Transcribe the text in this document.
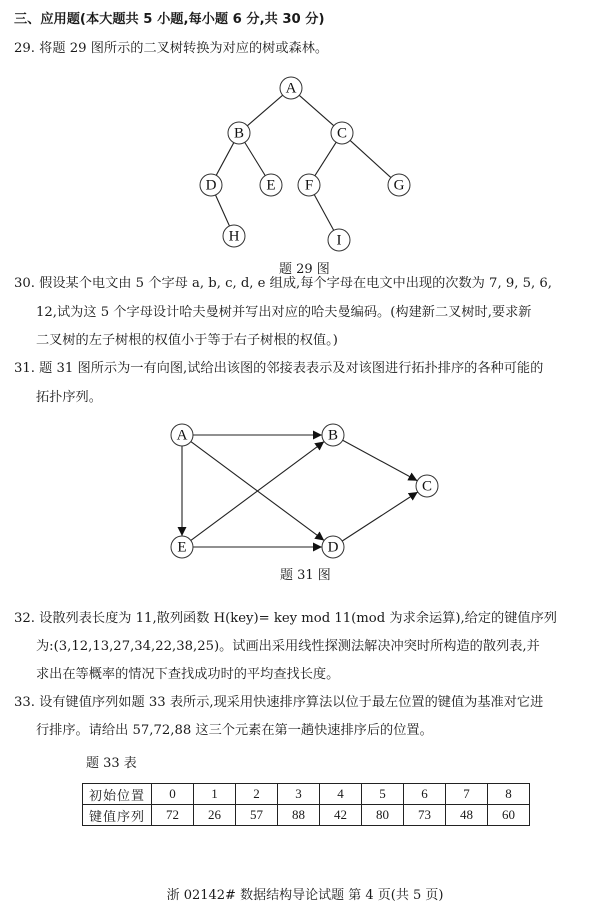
三、应用题(本大题共 5 小题,每小题 6 分,共 30 分)
29. 将题 29 图所示的二叉树转换为对应的树或森林。
A
B	C
D	E F	G
H	I
题 29 图
30. 假设某个电文由 5 个字母 a, b, c, d, e 组成,每个字母在电文中出现的次数为 7, 9, 5, 6,
12,试为这 5 个字母设计哈夫曼树并写出对应的哈夫曼编码。(构建新二叉树时,要求新
二叉树的左子树根的权值小于等于右子树根的权值。)
31. 题 31 图所示为一有向图,试给出该图的邻接表表示及对该图进行拓扑排序的各种可能的
拓扑序列。
A	B
C
D
E
题 31 图
32. 设散列表长度为 11,散列函数 H(key)= key mod 11(mod 为求余运算),给定的键值序列
为:(3,12,13,27,34,22,38,25)。试画出采用线性探测法解决冲突时所构造的散列表,并
求出在等概率的情况下查找成功时的平均查找长度。
33. 设有键值序列如题 33 表所示,现采用快速排序算法以位于最左位置的键值为基准对它进
行排序。请给出 57,72,88 这三个元素在第一趟快速排序后的位置。
题 33 表
初始位置	0	1	2	3	4	5	6	7	8
键值序列	72	26	57	88	42	80	73	48	60
浙 02142# 数据结构导论试题 第 4 页(共 5 页)
